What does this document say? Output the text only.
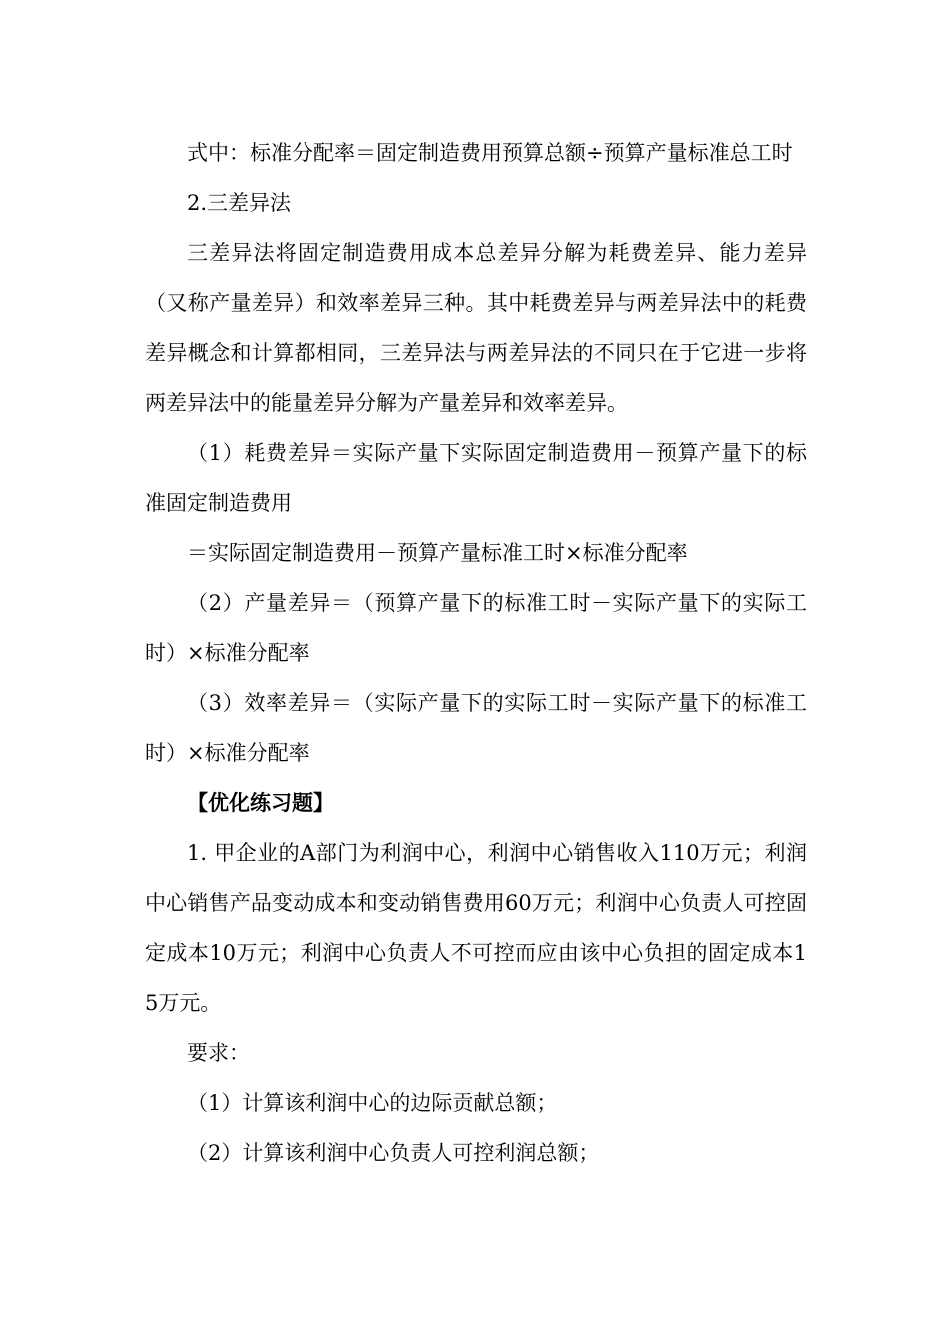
式中：标准分配率＝固定制造费用预算总额÷预算产量标准总工时

2.三差异法

三差异法将固定制造费用成本总差异分解为耗费差异、能力差异（又称产量差异）和效率差异三种。其中耗费差异与两差异法中的耗费差异概念和计算都相同，三差异法与两差异法的不同只在于它进一步将两差异法中的能量差异分解为产量差异和效率差异。

（1）耗费差异＝实际产量下实际固定制造费用－预算产量下的标准固定制造费用

＝实际固定制造费用－预算产量标准工时×标准分配率

（2）产量差异＝（预算产量下的标准工时－实际产量下的实际工时）×标准分配率

（3）效率差异＝（实际产量下的实际工时－实际产量下的标准工时）×标准分配率

【优化练习题】

1. 甲企业的A部门为利润中心，利润中心销售收入110万元；利润中心销售产品变动成本和变动销售费用60万元；利润中心负责人可控固定成本10万元；利润中心负责人不可控而应由该中心负担的固定成本15万元。

要求：

（1）计算该利润中心的边际贡献总额；

（2）计算该利润中心负责人可控利润总额；
